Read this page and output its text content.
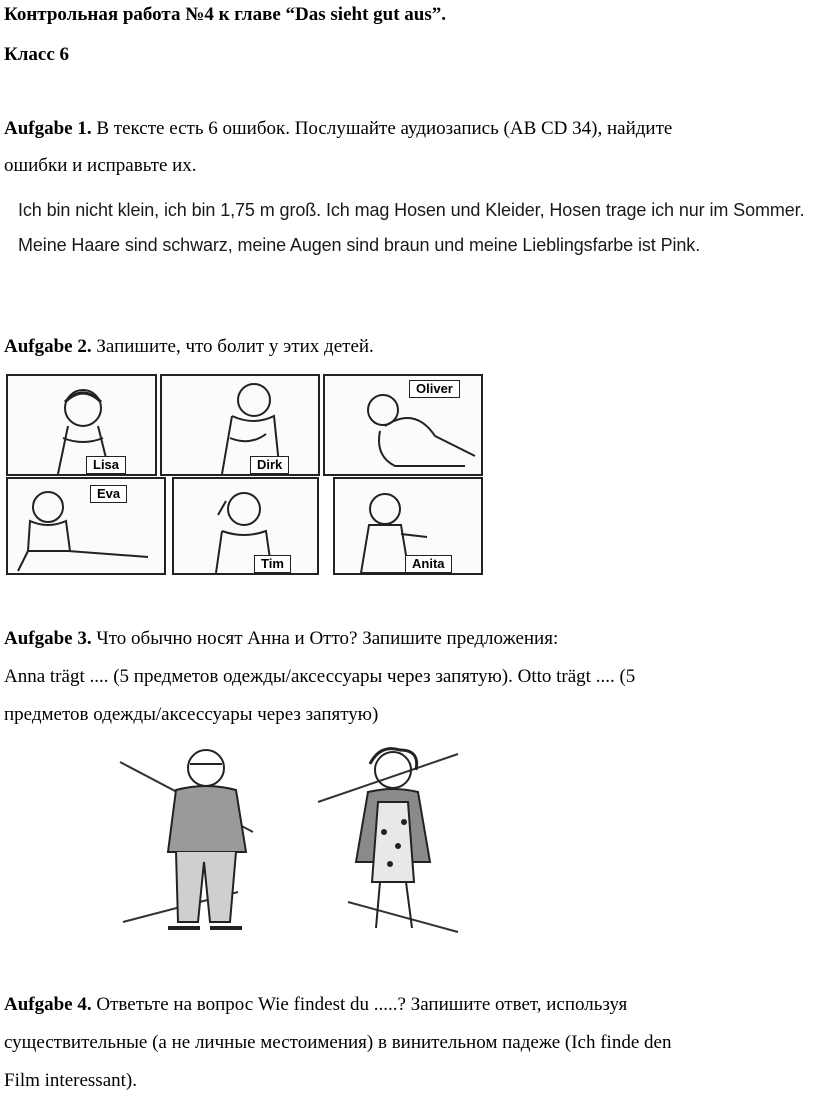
Контрольная работа №4 к главе “Das sieht gut aus”.
Класс 6
Aufgabe 1. В тексте есть 6 ошибок. Послушайте аудиозапись (AB CD 34), найдите
ошибки и исправьте их.
Ich bin nicht klein, ich bin 1,75 m groß. Ich mag Hosen und Kleider, Hosen trage ich nur im Sommer.
Meine Haare sind schwarz, meine Augen sind braun und meine Lieblingsfarbe ist Pink.
Aufgabe 2. Запишите, что болит у этих детей.
Lisa	Dirk
Oliver
Eva
Tim	Anita
Aufgabe 3. Что обычно носят Анна и Отто? Запишите предложения:
Anna trägt .... (5 предметов одежды/аксессуары через запятую). Otto trägt .... (5
предметов одежды/аксессуары через запятую)
Aufgabe 4. Ответьте на вопрос Wie findest du .....? Запишите ответ, используя
существительные (а не личные местоимения) в винительном падеже (Ich finde den
Film interessant).
